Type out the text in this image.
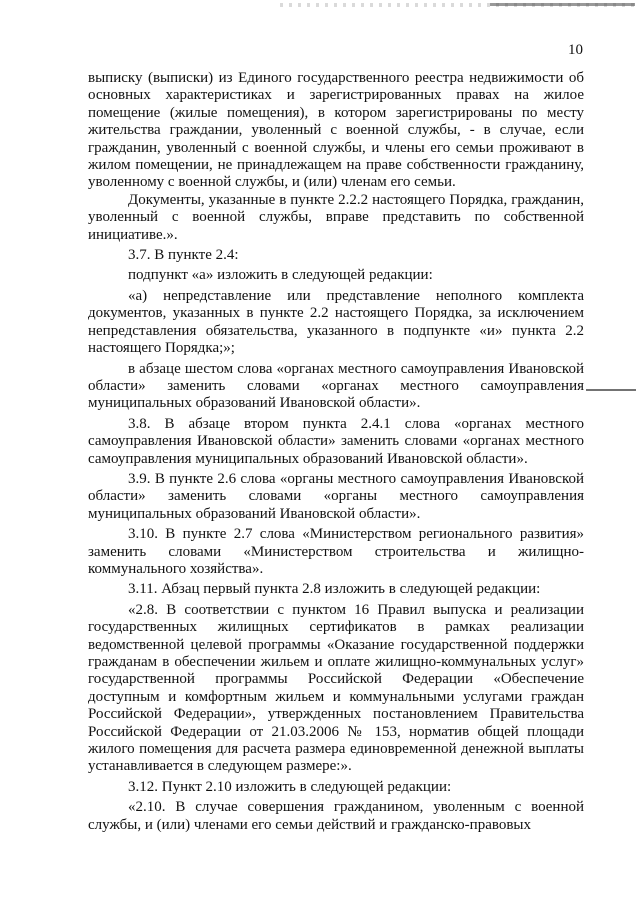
10

выписку (выписки) из Единого государственного реестра недвижимости об основных характеристиках и зарегистрированных правах на жилое помещение (жилые помещения), в котором зарегистрированы по месту жительства граждании, уволенный с военной службы, - в случае, если гражданин, уволенный с военной службы, и члены его семьи проживают в жилом помещении, не принадлежащем на праве собственности гражданину, уволенному с военной службы, и (или) членам его семьи.

Документы, указанные в пункте 2.2.2 настоящего Порядка, гражданин, уволенный с военной службы, вправе представить по собственной инициативе.».

3.7. В пункте 2.4:

подпункт «а» изложить в следующей редакции:

«а) непредставление или представление неполного комплекта документов, указанных в пункте 2.2 настоящего Порядка, за исключением непредставления обязательства, указанного в подпункте «и» пункта 2.2 настоящего Порядка;»;

в абзаце шестом слова «органах местного самоуправления Ивановской области» заменить словами «органах местного самоуправления муниципальных образований Ивановской области».

3.8. В абзаце втором пункта 2.4.1 слова «органах местного самоуправления Ивановской области» заменить словами «органах местного самоуправления муниципальных образований Ивановской области».

3.9. В пункте 2.6 слова «органы местного самоуправления Ивановской области» заменить словами «органы местного самоуправления муниципальных образований Ивановской области».

3.10. В пункте 2.7 слова «Министерством регионального развития» заменить словами «Министерством строительства и жилищно-коммунального хозяйства».

3.11. Абзац первый пункта 2.8 изложить в следующей редакции:

«2.8. В соответствии с пунктом 16 Правил выпуска и реализации государственных жилищных сертификатов в рамках реализации ведомственной целевой программы «Оказание государственной поддержки гражданам в обеспечении жильем и оплате жилищно-коммунальных услуг» государственной программы Российской Федерации «Обеспечение доступным и комфортным жильем и коммунальными услугами граждан Российской Федерации», утвержденных постановлением Правительства Российской Федерации от 21.03.2006 № 153, норматив общей площади жилого помещения для расчета размера единовременной денежной выплаты устанавливается в следующем размере:».

3.12. Пункт 2.10 изложить в следующей редакции:

«2.10. В случае совершения гражданином, уволенным с военной службы, и (или) членами его семьи действий и гражданско-правовых
